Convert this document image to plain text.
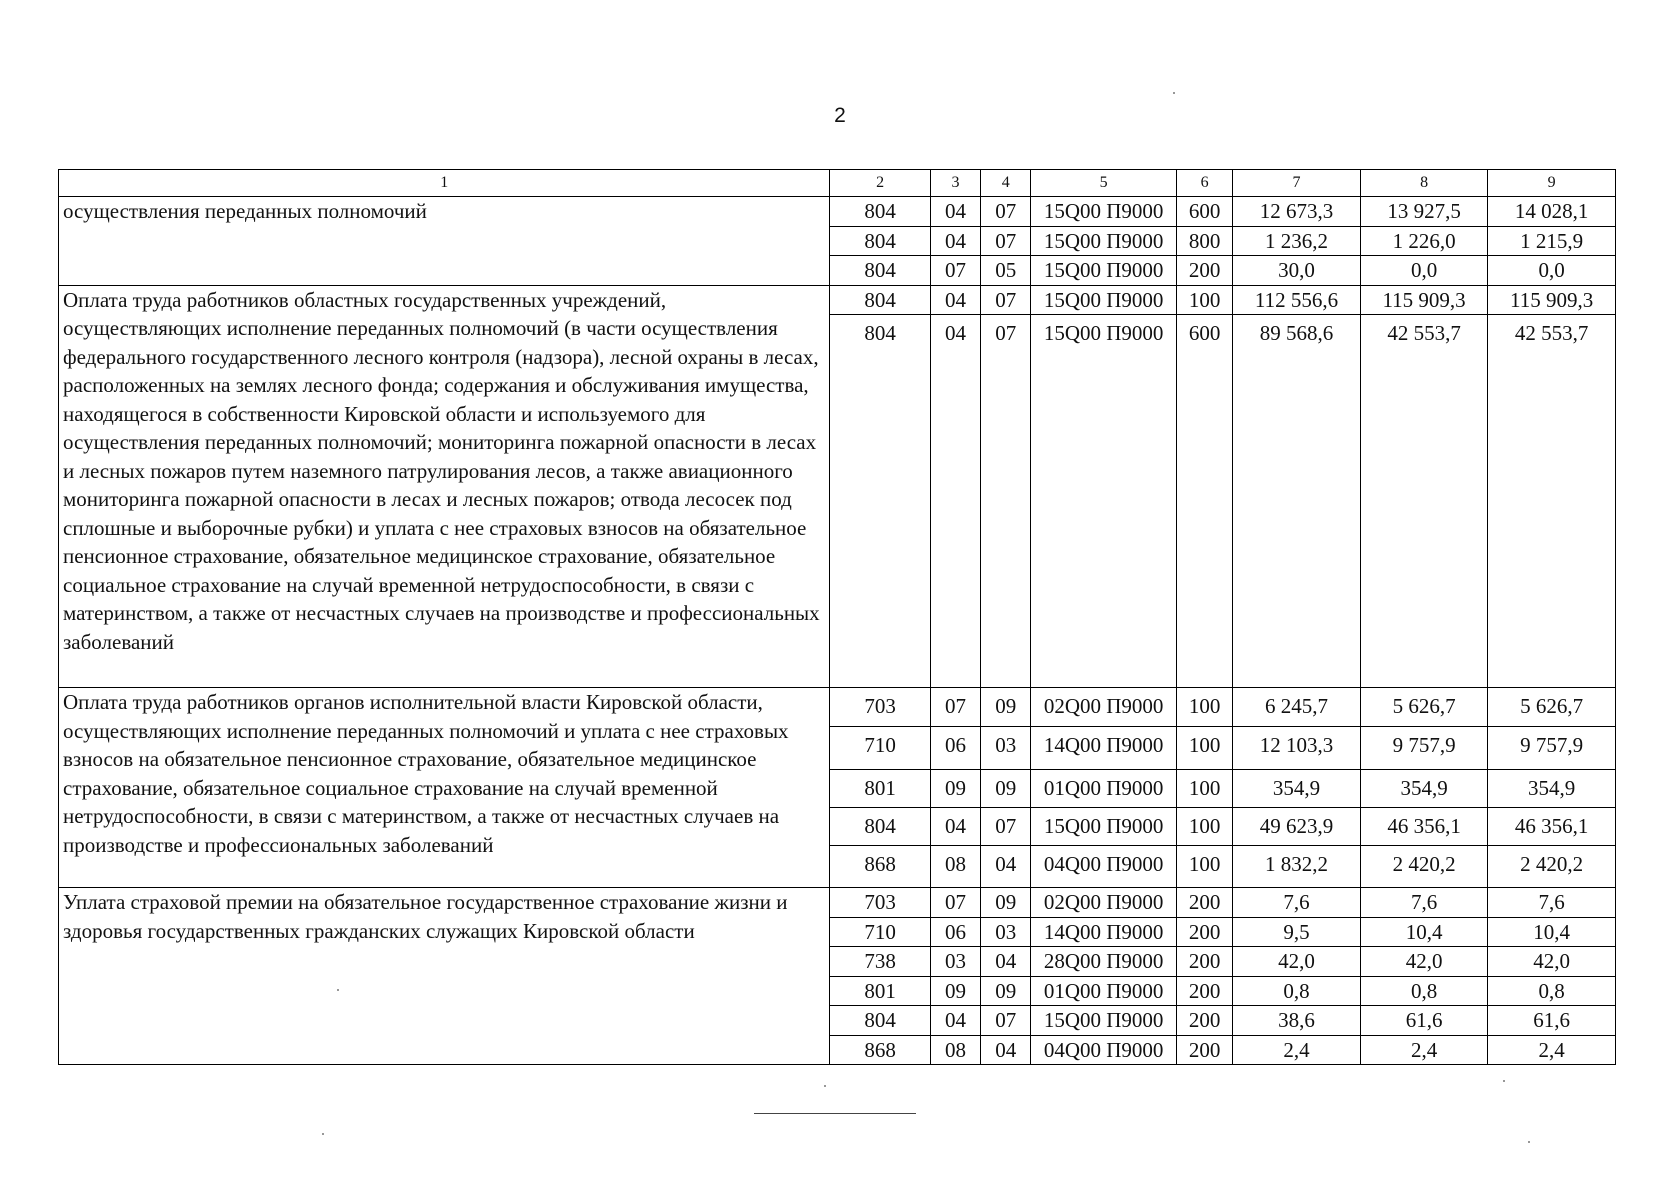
2
1	2	3	4	5	6	7	8	9
осуществления переданных полномочий	804	04	07	15Q00 П9000	600	12 673,3	13 927,5	14 028,1
	804	04	07	15Q00 П9000	800	1 236,2	1 226,0	1 215,9
	804	07	05	15Q00 П9000	200	30,0	0,0	0,0
Оплата труда работников областных государственных учреждений, осуществляющих исполнение переданных полномочий (в части осуществления федерального государственного лесного контроля (надзора), лесной охраны в лесах, расположенных на землях лесного фонда; содержания и обслуживания имущества, находящегося в собственности Кировской области и используемого для осуществления переданных полномочий; мониторинга пожарной опасности в лесах и лесных пожаров путем наземного патрулирования лесов, а также авиационного мониторинга пожарной опасности в лесах и лесных пожаров; отвода лесосек под сплошные и выборочные рубки) и уплата с нее страховых взносов на обязательное пенсионное страхование, обязательное медицинское страхование, обязательное социальное страхование на случай временной нетрудоспособности, в связи с материнством, а также от несчастных случаев на производстве и профессиональных заболеваний	804	04	07	15Q00 П9000	100	112 556,6	115 909,3	115 909,3
	804	04	07	15Q00 П9000	600	89 568,6	42 553,7	42 553,7
Оплата труда работников органов исполнительной власти Кировской области, осуществляющих исполнение переданных полномочий и уплата с нее страховых взносов на обязательное пенсионное страхование, обязательное медицинское страхование, обязательное социальное страхование на случай временной нетрудоспособности, в связи с материнством, а также от несчастных случаев на производстве и профессиональных заболеваний	703	07	09	02Q00 П9000	100	6 245,7	5 626,7	5 626,7
	710	06	03	14Q00 П9000	100	12 103,3	9 757,9	9 757,9
	801	09	09	01Q00 П9000	100	354,9	354,9	354,9
	804	04	07	15Q00 П9000	100	49 623,9	46 356,1	46 356,1
	868	08	04	04Q00 П9000	100	1 832,2	2 420,2	2 420,2
Уплата страховой премии на обязательное государственное страхование жизни и здоровья государственных гражданских служащих Кировской области	703	07	09	02Q00 П9000	200	7,6	7,6	7,6
	710	06	03	14Q00 П9000	200	9,5	10,4	10,4
	738	03	04	28Q00 П9000	200	42,0	42,0	42,0
	801	09	09	01Q00 П9000	200	0,8	0,8	0,8
	804	04	07	15Q00 П9000	200	38,6	61,6	61,6
	868	08	04	04Q00 П9000	200	2,4	2,4	2,4
